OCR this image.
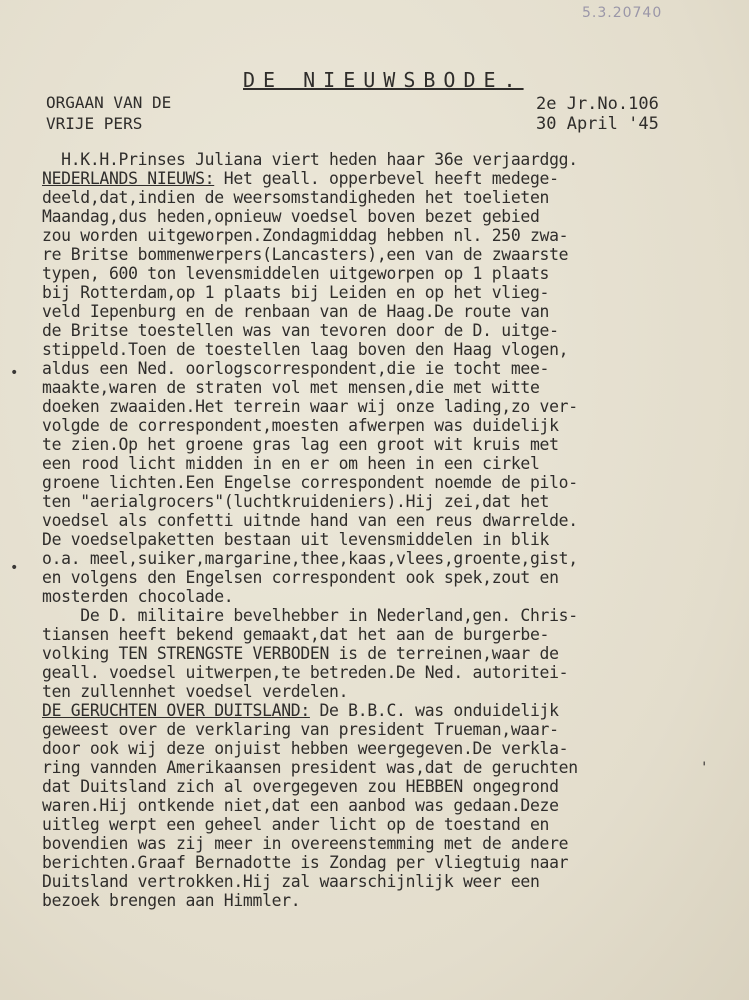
5.3.20740
DE NIEUWSBODE.
ORGAAN VAN DE
VRIJE PERS
2e Jr.No.106
30 April '45
H.K.H.Prinses Juliana viert heden haar 36e verjaardgg.
NEDERLANDS NIEUWS: Het geall. opperbevel heeft medege-
deeld,dat,indien de weersomstandigheden het toelieten
Maandag,dus heden,opnieuw voedsel boven bezet gebied
zou worden uitgeworpen.Zondagmiddag hebben nl. 250 zwa-
re Britse bommenwerpers(Lancasters),een van de zwaarste
typen, 600 ton levensmiddelen uitgeworpen op 1 plaats
bij Rotterdam,op 1 plaats bij Leiden en op het vlieg-
veld Iepenburg en de renbaan van de Haag.De route van
de Britse toestellen was van tevoren door de D. uitge-
stippeld.Toen de toestellen laag boven den Haag vlogen,
aldus een Ned. oorlogscorrespondent,die ie tocht mee-
maakte,waren de straten vol met mensen,die met witte
doeken zwaaiden.Het terrein waar wij onze lading,zo ver-
volgde de correspondent,moesten afwerpen was duidelijk
te zien.Op het groene gras lag een groot wit kruis met
een rood licht midden in en er om heen in een cirkel
groene lichten.Een Engelse correspondent noemde de pilo-
ten "aerialgrocers"(luchtkruideniers).Hij zei,dat het
voedsel als confetti uitnde hand van een reus dwarrelde.
De voedselpaketten bestaan uit levensmiddelen in blik
o.a. meel,suiker,margarine,thee,kaas,vlees,groente,gist,
en volgens den Engelsen correspondent ook spek,zout en
mosterden chocolade.
De D. militaire bevelhebber in Nederland,gen. Chris-
tiansen heeft bekend gemaakt,dat het aan de burgerbe-
volking TEN STRENGSTE VERBODEN is de terreinen,waar de
geall. voedsel uitwerpen,te betreden.De Ned. autoritei-
ten zullennhet voedsel verdelen.
DE GERUCHTEN OVER DUITSLAND: De B.B.C. was onduidelijk
geweest over de verklaring van president Trueman,waar-
door ook wij deze onjuist hebben weergegeven.De verkla-
ring vannden Amerikaansen president was,dat de geruchten
dat Duitsland zich al overgegeven zou HEBBEN ongegrond
waren.Hij ontkende niet,dat een aanbod was gedaan.Deze
uitleg werpt een geheel ander licht op de toestand en
bovendien was zij meer in overeenstemming met de andere
berichten.Graaf Bernadotte is Zondag per vliegtuig naar
Duitsland vertrokken.Hij zal waarschijnlijk weer een
bezoek brengen aan Himmler.
•
•
'
